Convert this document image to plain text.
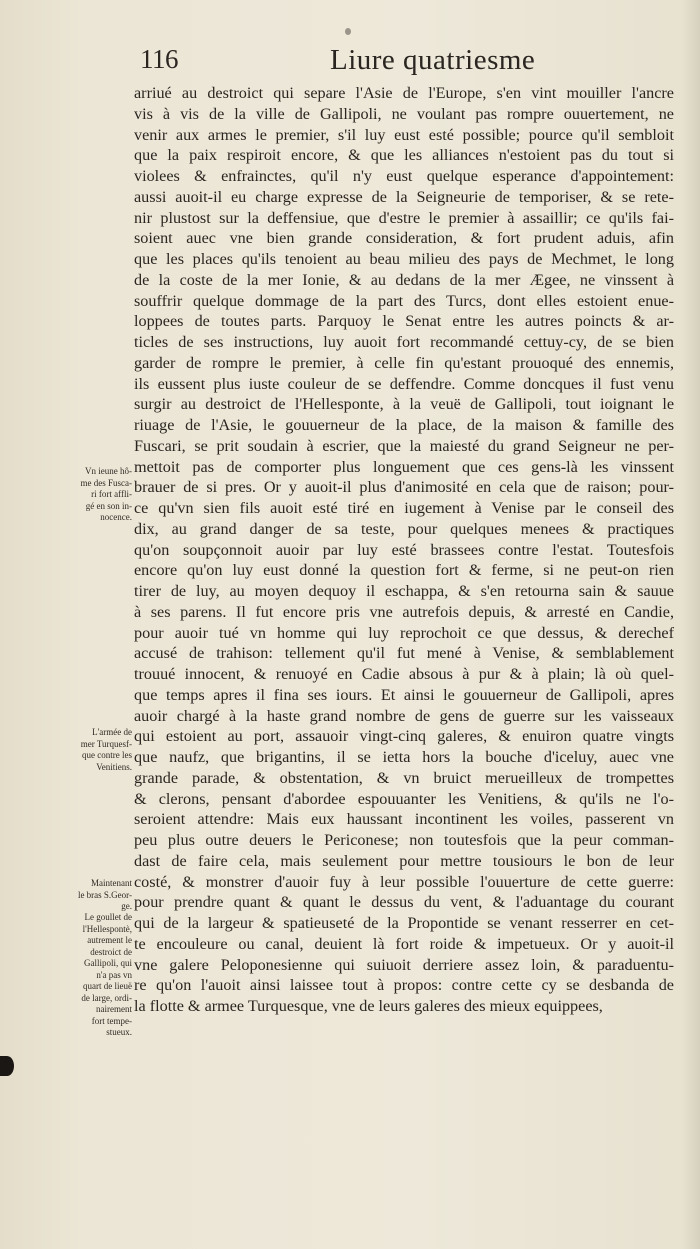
116	Liure quatriesme
arriué au destroict qui separe l'Asie de l'Europe, s'en vint mouiller l'ancre
vis à vis de la ville de Gallipoli, ne voulant pas rompre ouuertement, ne
venir aux armes le premier, s'il luy eust esté possible; pource qu'il sembloit
que la paix respiroit encore, & que les alliances n'estoient pas du tout si
violees & enfrainctes, qu'il n'y eust quelque esperance d'appointement:
aussi auoit-il eu charge expresse de la Seigneurie de temporiser, & se rete-
nir plustost sur la deffensiue, que d'estre le premier à assaillir; ce qu'ils fai-
soient auec vne bien grande consideration, & fort prudent aduis, afin
que les places qu'ils tenoient au beau milieu des pays de Mechmet, le long
de la coste de la mer Ionie, & au dedans de la mer Ægee, ne vinssent à
souffrir quelque dommage de la part des Turcs, dont elles estoient enue-
loppees de toutes parts. Parquoy le Senat entre les autres poincts & ar-
ticles de ses instructions, luy auoit fort recommandé cettuy-cy, de se bien
garder de rompre le premier, à celle fin qu'estant prouoqué des ennemis,
ils eussent plus iuste couleur de se deffendre. Comme doncques il fust venu
surgir au destroict de l'Hellesponte, à la veuë de Gallipoli, tout ioignant le
riuage de l'Asie, le gouuerneur de la place, de la maison & famille des
Fuscari, se prit soudain à escrier, que la maiesté du grand Seigneur ne per-
mettoit pas de comporter plus longuement que ces gens-là les vinssent
brauer de si pres. Or y auoit-il plus d'animosité en cela que de raison; pour-
ce qu'vn sien fils auoit esté tiré en iugement à Venise par le conseil des
dix, au grand danger de sa teste, pour quelques menees & practiques
qu'on soupçonnoit auoir par luy esté brassees contre l'estat. Toutesfois
encore qu'on luy eust donné la question fort & ferme, si ne peut-on rien
tirer de luy, au moyen dequoy il eschappa, & s'en retourna sain & sauue
à ses parens. Il fut encore pris vne autrefois depuis, & arresté en Candie,
pour auoir tué vn homme qui luy reprochoit ce que dessus, & derechef
accusé de trahison: tellement qu'il fut mené à Venise, & semblablement
trouué innocent, & renuoyé en Cadie absous à pur & à plain; là où quel-
que temps apres il fina ses iours. Et ainsi le gouuerneur de Gallipoli, apres
auoir chargé à la haste grand nombre de gens de guerre sur les vaisseaux
qui estoient au port, assauoir vingt-cinq galeres, & enuiron quatre vingts
que naufz, que brigantins, il se ietta hors la bouche d'iceluy, auec vne
grande parade, & obstentation, & vn bruict merueilleux de trompettes
& clerons, pensant d'abordee espouuanter les Venitiens, & qu'ils ne l'o-
seroient attendre: Mais eux haussant incontinent les voiles, passerent vn
peu plus outre deuers le Periconese; non toutesfois que la peur comman-
dast de faire cela, mais seulement pour mettre tousiours le bon de leur
costé, & monstrer d'auoir fuy à leur possible l'ouuerture de cette guerre:
pour prendre quant & quant le dessus du vent, & l'aduantage du courant
qui de la largeur & spatieuseté de la Propontide se venant resserrer en cet-
te encouleure ou canal, deuient là fort roide & impetueux. Or y auoit-il
vne galere Peloponesienne qui suiuoit derriere assez loin, & paraduentu-
re qu'on l'auoit ainsi laissee tout à propos: contre cette cy se desbanda de
la flotte & armee Turquesque, vne de leurs galeres des mieux equippees,
Vn ieune hô-
me des Fusca-
ri fort affli-
gé en son in-
nocence.
L'armée de
mer Turquesf-
que contre les
Venitiens.
Maintenant
le bras S.Geor-
ge.
Le goullet de
l'Hellespontè,
autrement le
destroict de
Gallipoli, qui
n'a pas vn
quart de lieuë
de large, ordi-
nairement
fort tempe-
stueux.
